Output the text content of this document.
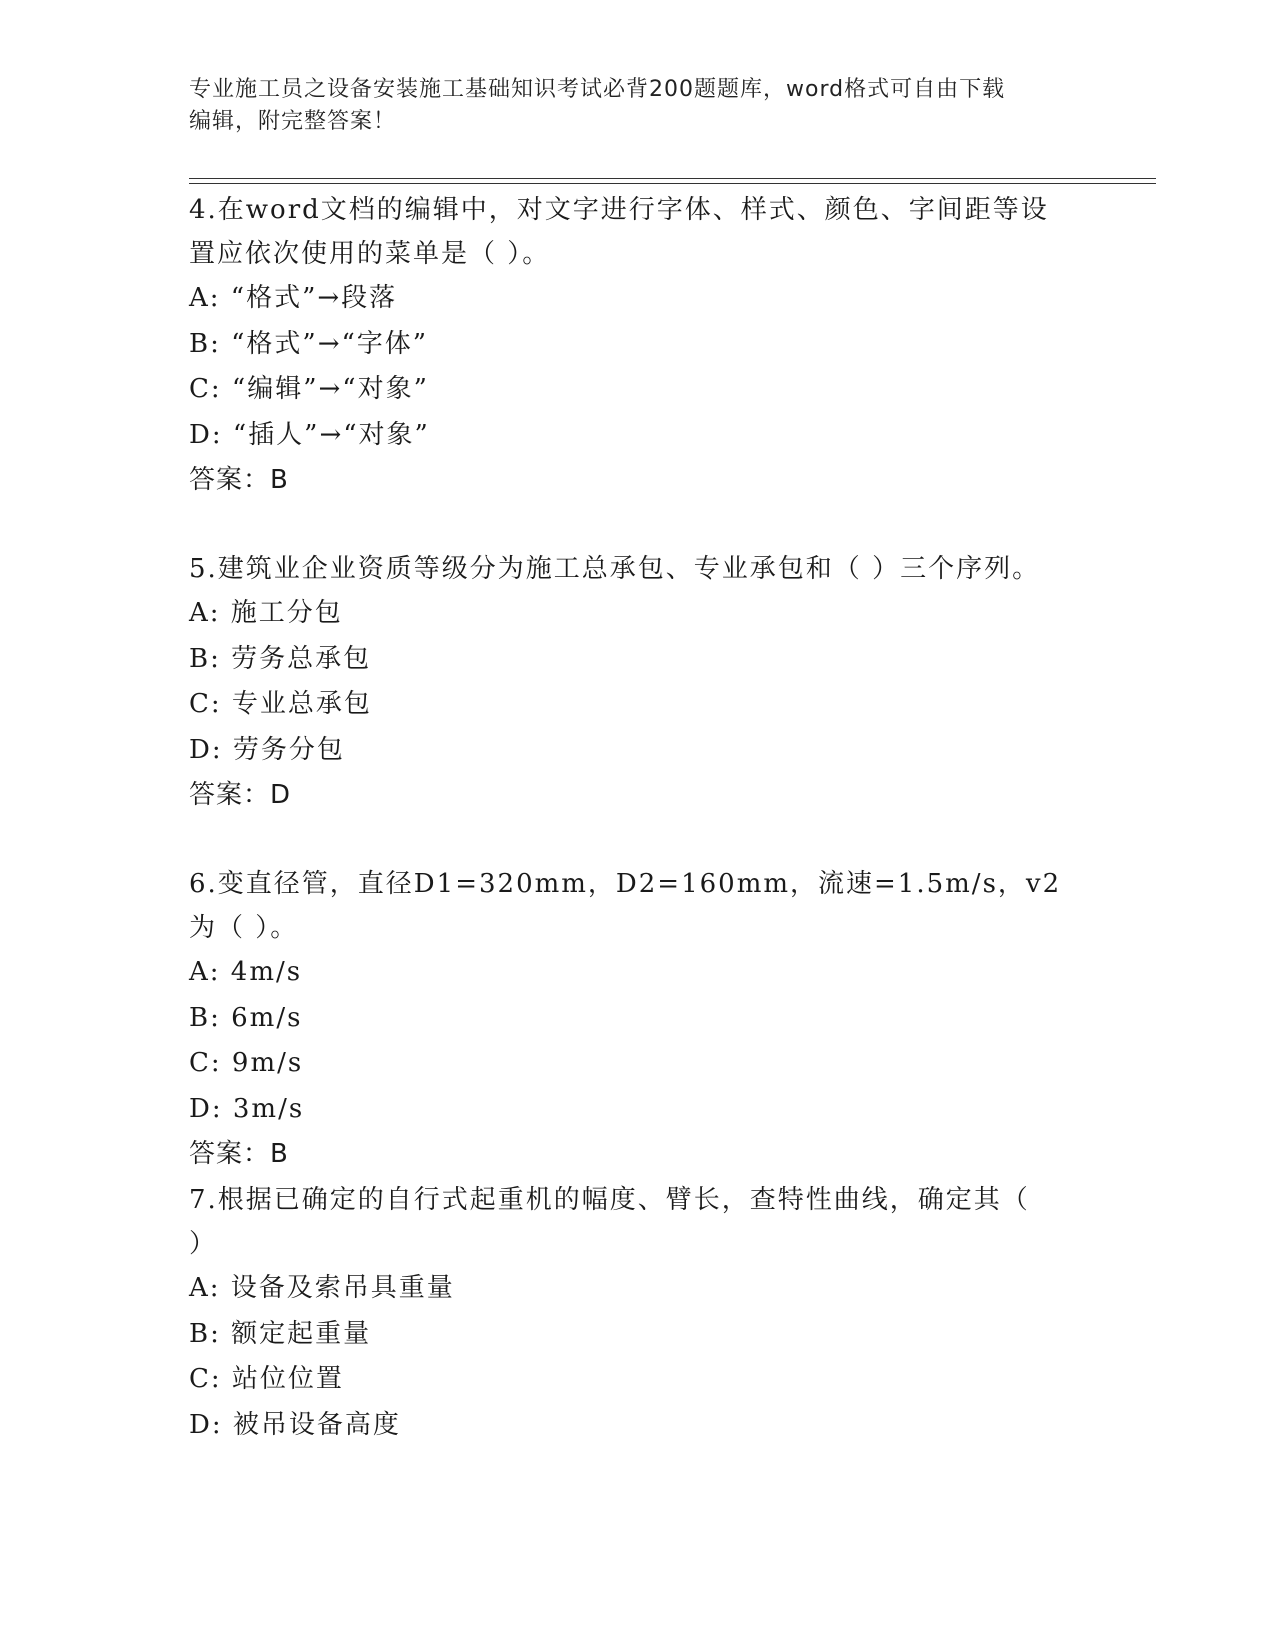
专业施工员之设备安装施工基础知识考试必背200题题库，word格式可自由下载
编辑，附完整答案！

4.在word文档的编辑中，对文字进行字体、样式、颜色、字间距等设

置应依次使用的菜单是（ ）。

A: “格式”→段落

B: “格式”→“字体”

C: “编辑”→“对象”

D: “插人”→“对象”

答案：B

5.建筑业企业资质等级分为施工总承包、专业承包和（ ）三个序列。

A: 施工分包

B: 劳务总承包

C: 专业总承包

D: 劳务分包

答案：D

6.变直径管，直径D1=320mm，D2=160mm，流速=1.5m/s，v2为（ ）。

A: 4m/s

B: 6m/s

C: 9m/s

D: 3m/s

答案：B

7.根据已确定的自行式起重机的幅度、臂长，查特性曲线，确定其（

）

A: 设备及索吊具重量

B: 额定起重量

C: 站位位置

D: 被吊设备高度
